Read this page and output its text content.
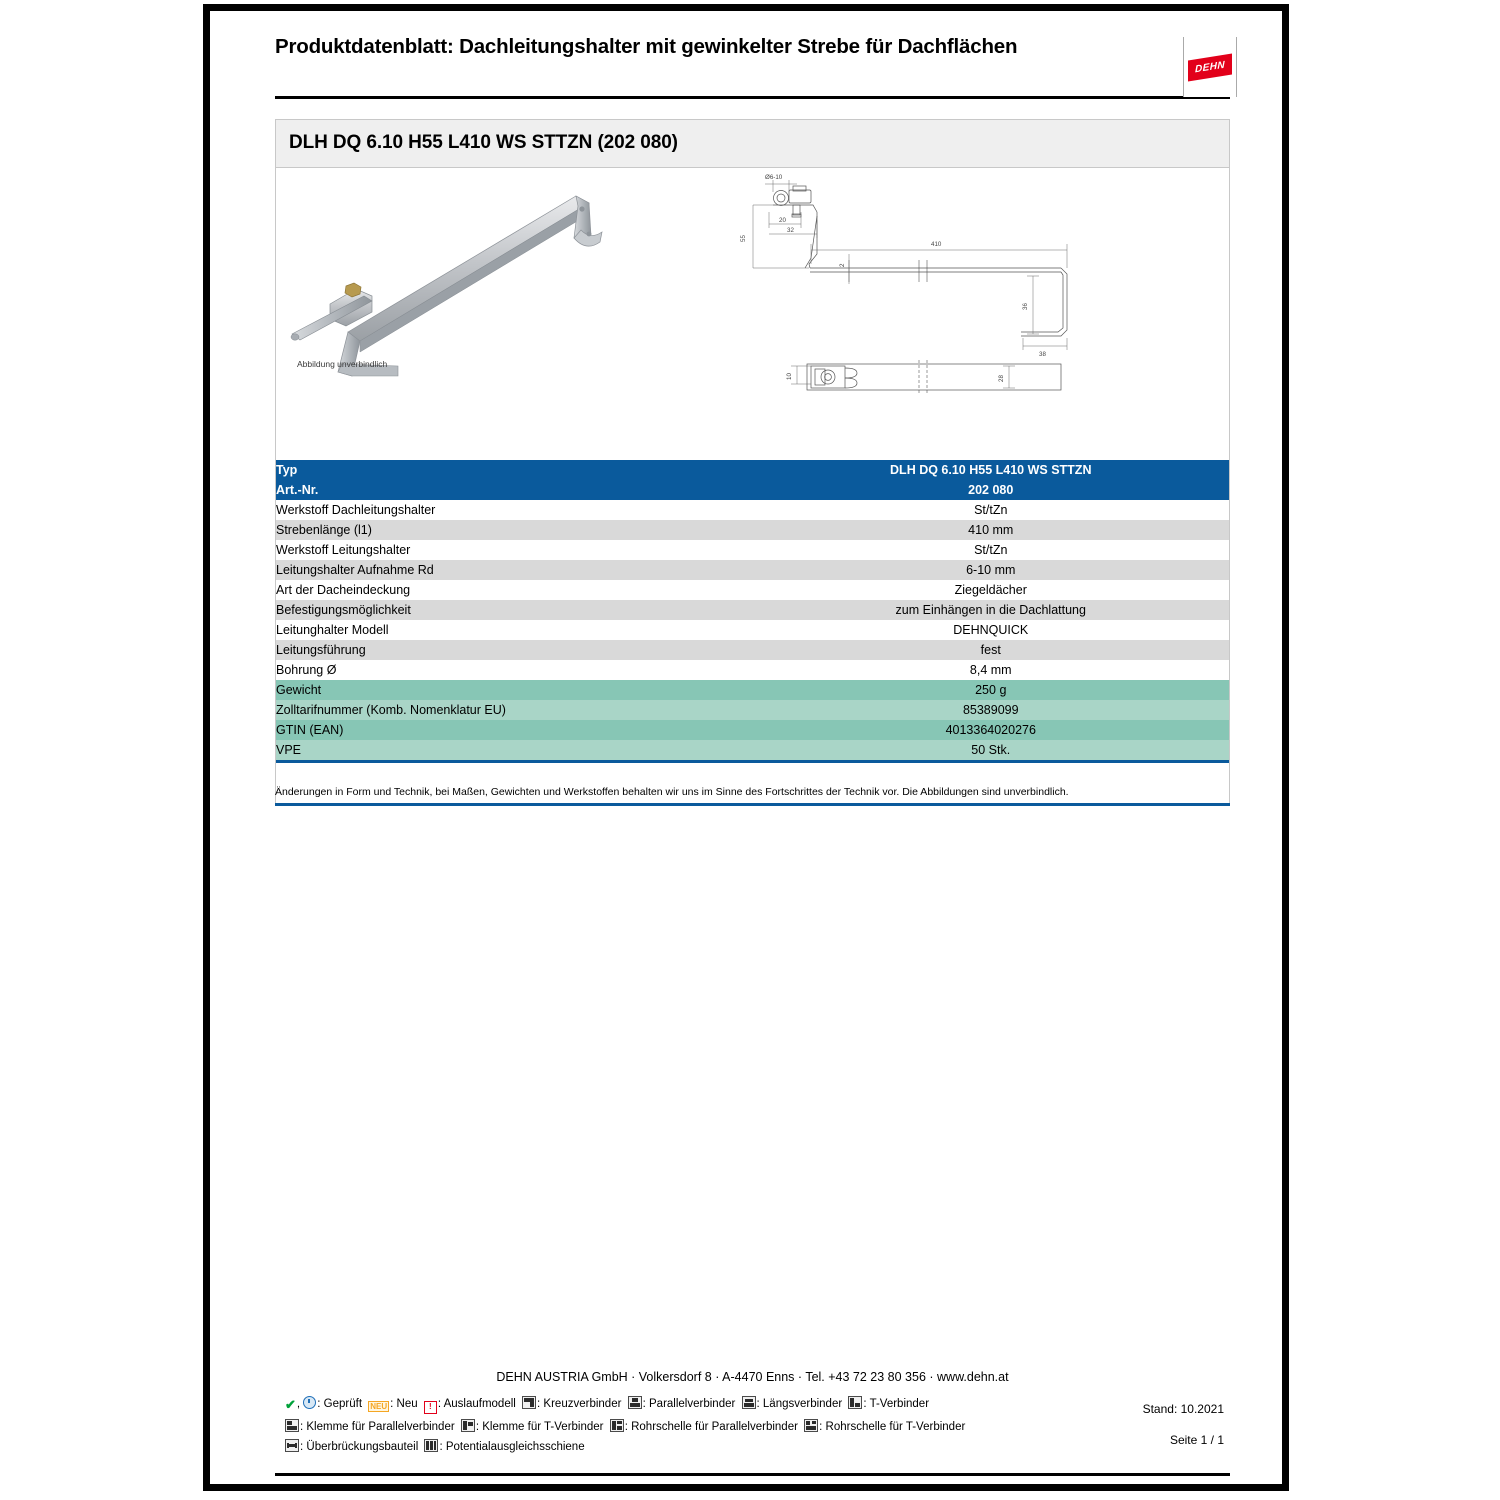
Produktdatenblatt: Dachleitungshalter mit gewinkelter Strebe für Dachflächen
DEHN
DLH DQ 6.10 H55 L410 WS STTZN (202 080)
Abbildung unverbindlich
Ø6-10
55
20
32
410
2
36
38
10	28
Typ	DLH DQ 6.10 H55 L410 WS STTZN
Art.-Nr.	202 080
Werkstoff Dachleitungshalter	St/tZn
Strebenlänge (l1)	410 mm
Werkstoff Leitungshalter	St/tZn
Leitungshalter Aufnahme Rd	6-10 mm
Art der Dacheindeckung	Ziegeldächer
Befestigungsmöglichkeit	zum Einhängen in die Dachlattung
Leitunghalter Modell	DEHNQUICK
Leitungsführung	fest
Bohrung Ø	8,4 mm
Gewicht	250 g
Zolltarifnummer (Komb. Nomenklatur EU)	85389099
GTIN (EAN)	4013364020276
VPE	50 Stk.
Änderungen in Form und Technik, bei Maßen, Gewichten und Werkstoffen behalten wir uns im Sinne des Fortschrittes der Technik vor. Die Abbildungen sind unverbindlich.
DEHN AUSTRIA GmbH · Volkersdorf 8 · A-4470 Enns · Tel. +43 72 23 80 356 · www.dehn.at
✔, : Geprüft NEU : Neu ! : Auslaufmodell : Kreuzverbinder : Parallelverbinder : Längsverbinder : T-Verbinder
: Klemme für Parallelverbinder : Klemme für T-Verbinder : Rohrschelle für Parallelverbinder : Rohrschelle für T-Verbinder
: Überbrückungsbauteil : Potentialausgleichsschiene
Stand: 10.2021
Seite 1 / 1
